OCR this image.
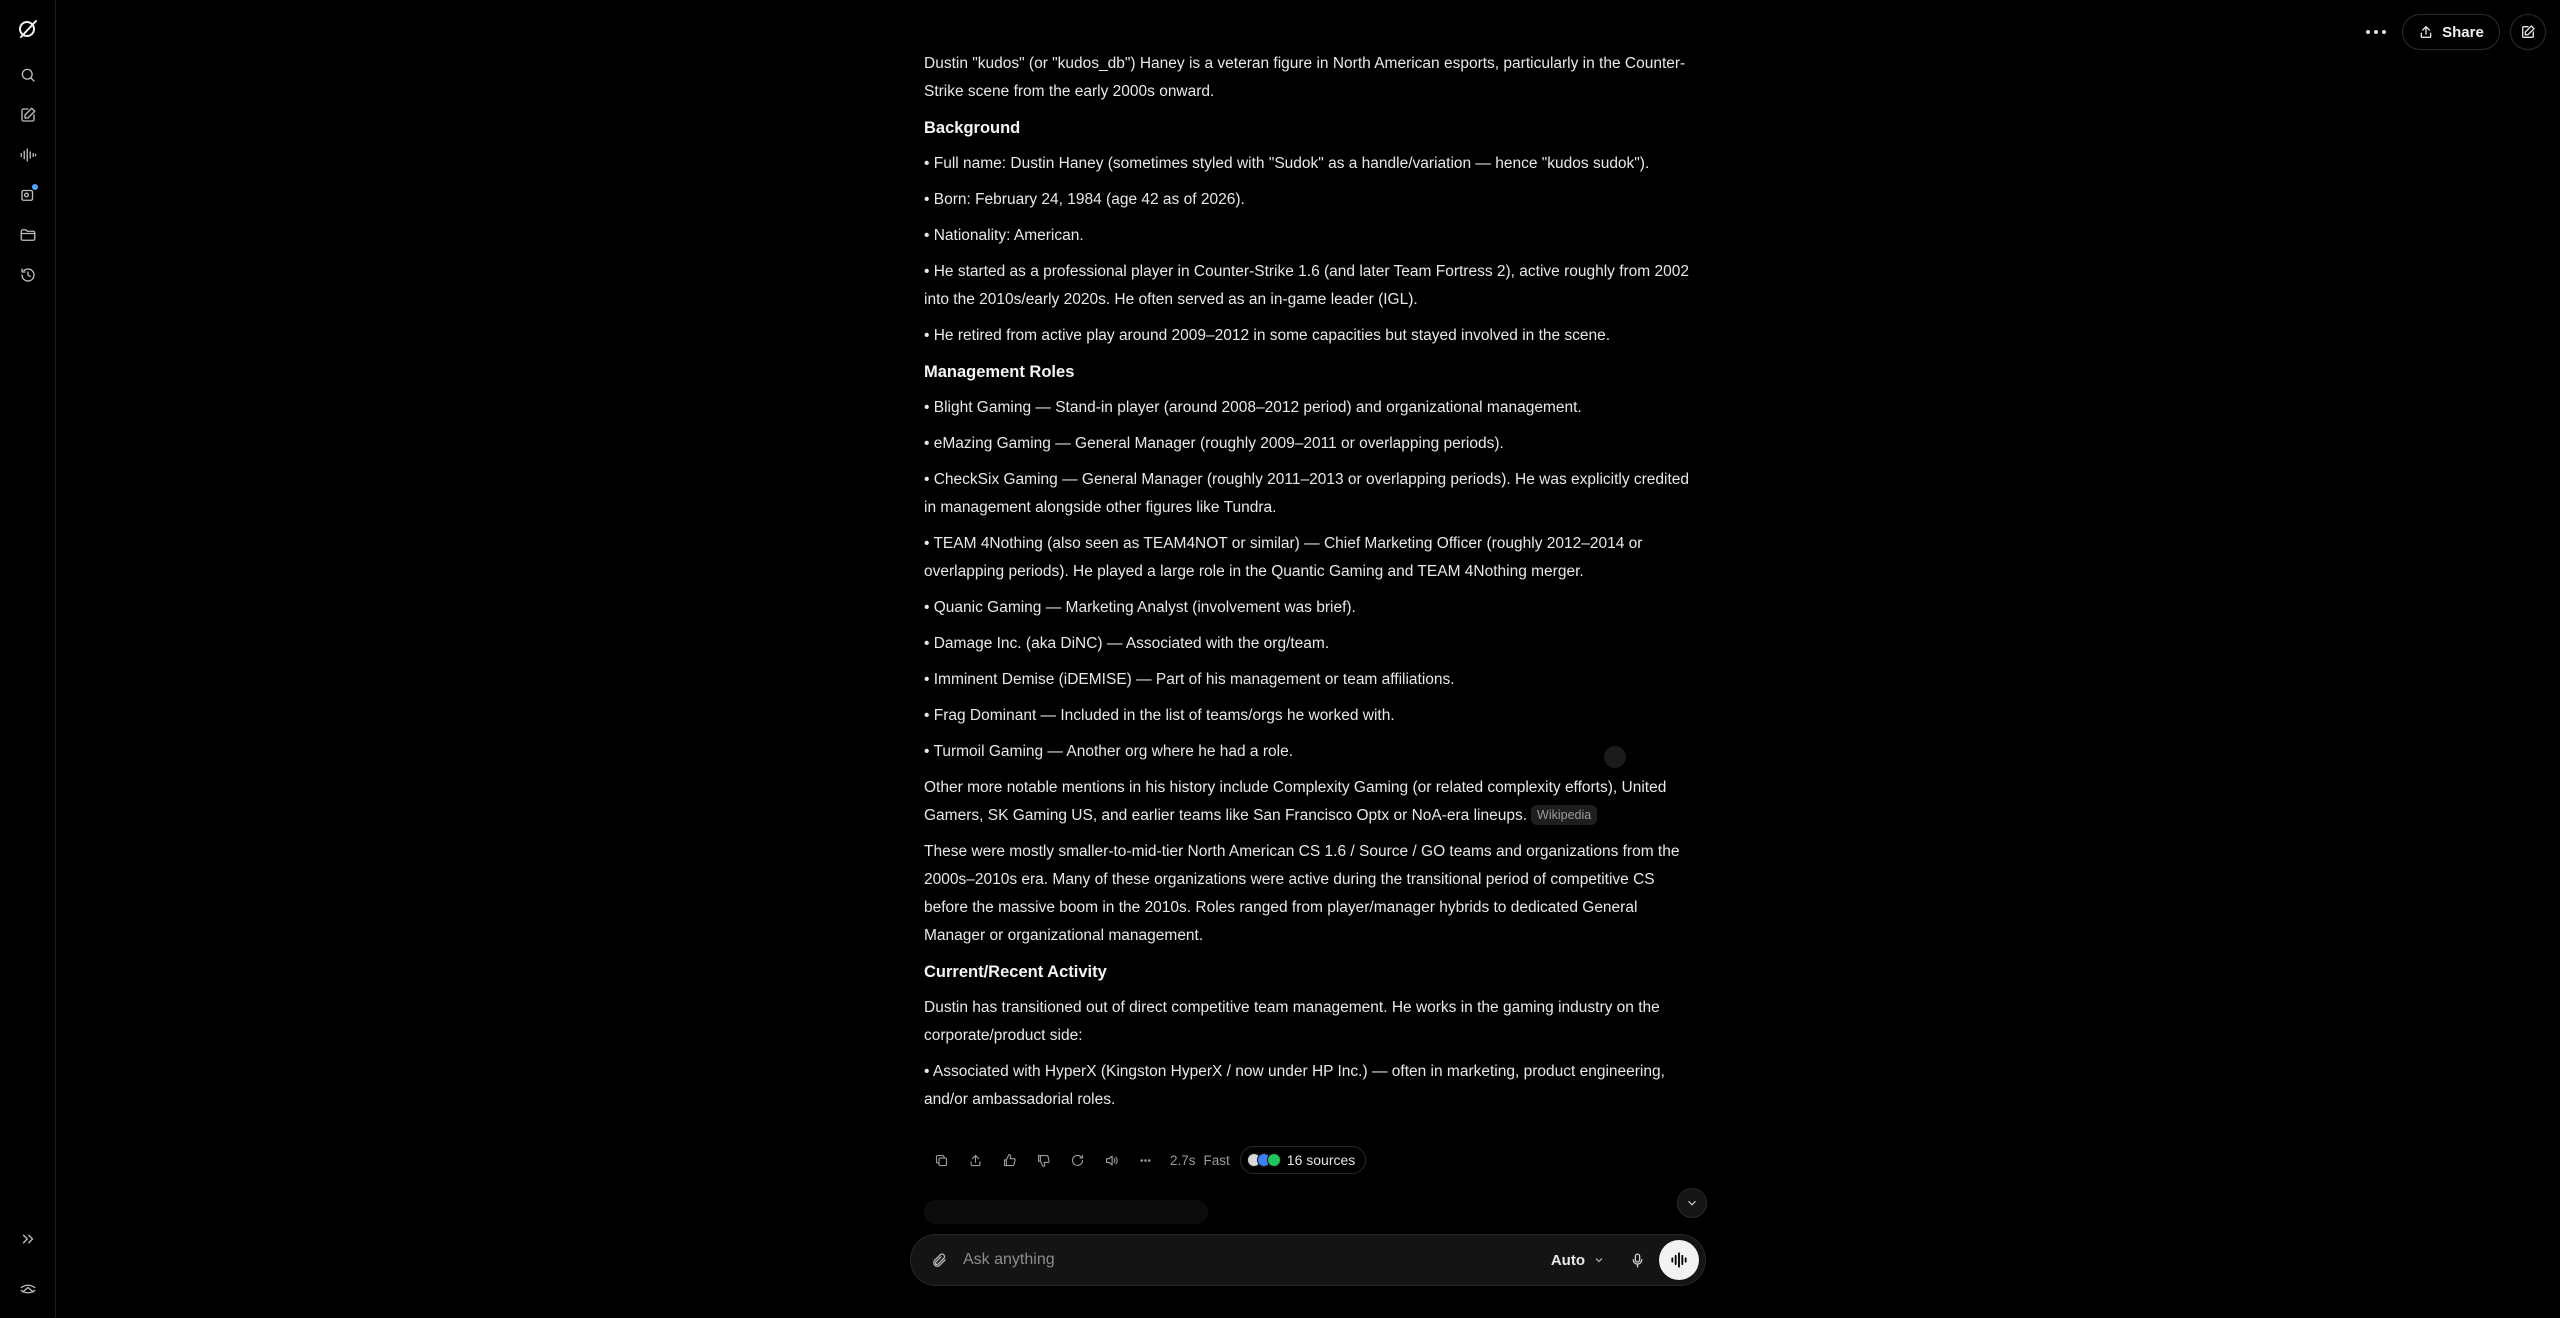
Share

Dustin "kudos" (or "kudos_db") Haney is a veteran figure in North American esports, particularly in the Counter-Strike scene from the early 2000s onward.

Background

• Full name: Dustin Haney (sometimes styled with "Sudok" as a handle/variation — hence "kudos sudok").

• Born: February 24, 1984 (age 42 as of 2026).

• Nationality: American.

• He started as a professional player in Counter-Strike 1.6 (and later Team Fortress 2), active roughly from 2002 into the 2010s/early 2020s. He often served as an in-game leader (IGL).

• He retired from active play around 2009–2012 in some capacities but stayed involved in the scene.

Management Roles

• Blight Gaming — Stand-in player (around 2008–2012 period) and organizational management.

• eMazing Gaming — General Manager (roughly 2009–2011 or overlapping periods).

• CheckSix Gaming — General Manager (roughly 2011–2013 or overlapping periods). He was explicitly credited in management alongside other figures like Tundra.

• TEAM 4Nothing (also seen as TEAM4NOT or similar) — Chief Marketing Officer (roughly 2012–2014 or overlapping periods). He played a large role in the Quantic Gaming and TEAM 4Nothing merger.

• Quanic Gaming — Marketing Analyst (involvement was brief).

• Damage Inc. (aka DiNC) — Associated with the org/team.

• Imminent Demise (iDEMISE) — Part of his management or team affiliations.

• Frag Dominant — Included in the list of teams/orgs he worked with.

• Turmoil Gaming — Another org where he had a role.

Other more notable mentions in his history include Complexity Gaming (or related complexity efforts), United Gamers, SK Gaming US, and earlier teams like San Francisco Optx or NoA-era lineups. Wikipedia

These were mostly smaller-to-mid-tier North American CS 1.6 / Source / GO teams and organizations from the 2000s–2010s era. Many of these organizations were active during the transitional period of competitive CS before the massive boom in the 2010s. Roles ranged from player/manager hybrids to dedicated General Manager or organizational management.

Current/Recent Activity

Dustin has transitioned out of direct competitive team management. He works in the gaming industry on the corporate/product side:

• Associated with HyperX (Kingston HyperX / now under HP Inc.) — often in marketing, product engineering, and/or ambassadorial roles.

2.7s Fast	16 sources
Ask anything
Auto
